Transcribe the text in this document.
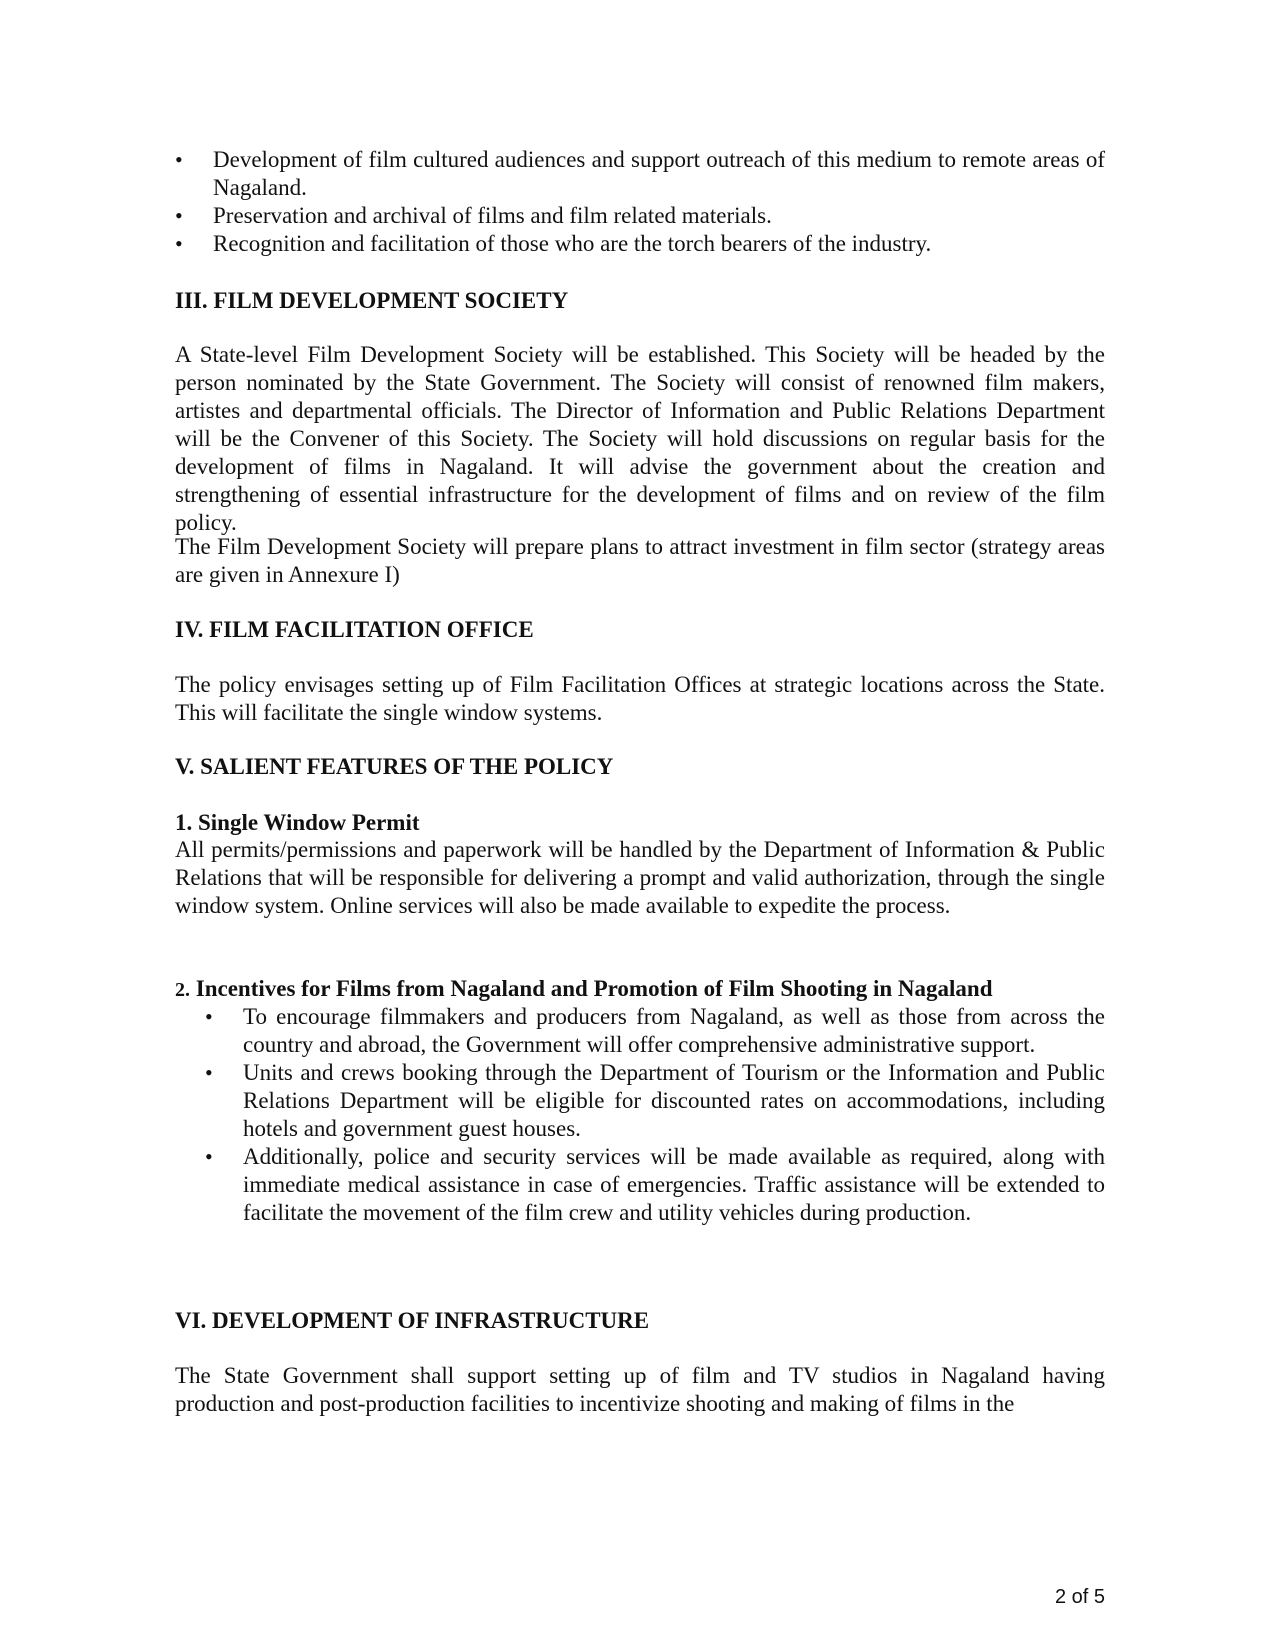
• Development of film cultured audiences and support outreach of this medium to remote areas of Nagaland.
• Preservation and archival of films and film related materials.
• Recognition and facilitation of those who are the torch bearers of the industry.
III. FILM DEVELOPMENT SOCIETY

A State-level Film Development Society will be established. This Society will be headed by the person nominated by the State Government. The Society will consist of renowned film makers, artistes and departmental officials. The Director of Information and Public Relations Department will be the Convener of this Society. The Society will hold discussions on regular basis for the development of films in Nagaland. It will advise the government about the creation and strengthening of essential infrastructure for the development of films and on review of the film policy.

The Film Development Society will prepare plans to attract investment in film sector (strategy areas are given in Annexure I)

IV. FILM FACILITATION OFFICE

The policy envisages setting up of Film Facilitation Offices at strategic locations across the State. This will facilitate the single window systems.

V. SALIENT FEATURES OF THE POLICY
1. Single Window Permit

All permits/permissions and paperwork will be handled by the Department of Information & Public Relations that will be responsible for delivering a prompt and valid authorization, through the single window system. Online services will also be made available to expedite the process.

2. Incentives for Films from Nagaland and Promotion of Film Shooting in Nagaland
• To encourage filmmakers and producers from Nagaland, as well as those from across the country and abroad, the Government will offer comprehensive administrative support.
• Units and crews booking through the Department of Tourism or the Information and Public Relations Department will be eligible for discounted rates on accommodations, including hotels and government guest houses.
• Additionally, police and security services will be made available as required, along with immediate medical assistance in case of emergencies. Traffic assistance will be extended to facilitate the movement of the film crew and utility vehicles during production.
VI. DEVELOPMENT OF INFRASTRUCTURE

The State Government shall support setting up of film and TV studios in Nagaland having production and post-production facilities to incentivize shooting and making of films in the

2 of 5
